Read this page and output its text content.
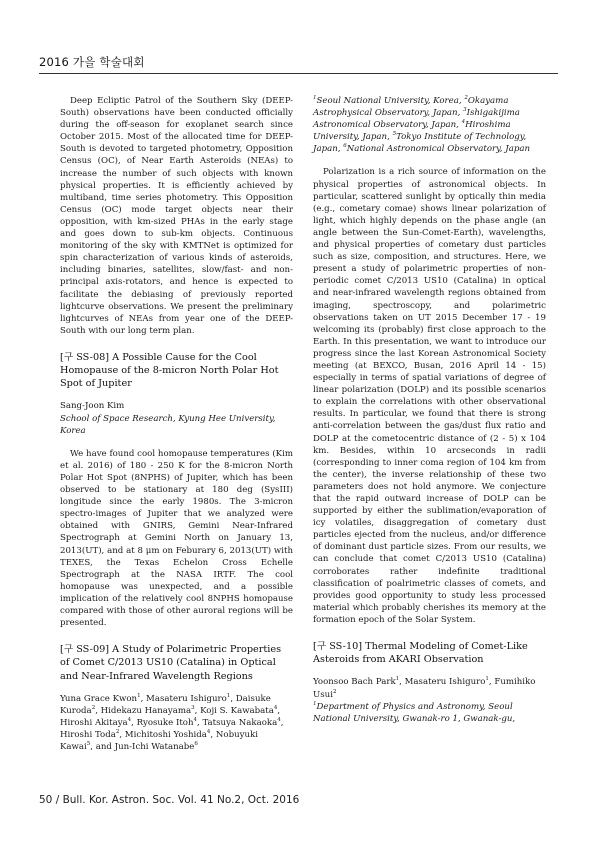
2016 가을 학술대회

Deep Ecliptic Patrol of the Southern Sky (DEEP-South) observations have been conducted officially during the off-season for exoplanet search since October 2015. Most of the allocated time for DEEP-South is devoted to targeted photometry, Opposition Census (OC), of Near Earth Asteroids (NEAs) to increase the number of such objects with known physical properties. It is efficiently achieved by multiband, time series photometry. This Opposition Census (OC) mode target objects near their opposition, with km-sized PHAs in the early stage and goes down to sub-km objects. Continuous monitoring of the sky with KMTNet is optimized for spin characterization of various kinds of asteroids, including binaries, satellites, slow/fast- and non-principal axis-rotators, and hence is expected to facilitate the debiasing of previously reported lightcurve observations. We present the preliminary lightcurves of NEAs from year one of the DEEP-South with our long term plan.

[구 SS-08] A Possible Cause for the Cool Homopause of the 8-micron North Polar Hot Spot of Jupiter

Sang-Joon Kim

School of Space Research, Kyung Hee University, Korea

We have found cool homopause temperatures (Kim et al. 2016) of 180 - 250 K for the 8-micron North Polar Hot Spot (8NPHS) of Jupiter, which has been observed to be stationary at 180 deg (SysIII) longitude since the early 1980s. The 3-micron spectro-images of Jupiter that we analyzed were obtained with GNIRS, Gemini Near-Infrared Spectrograph at Gemini North on January 13, 2013(UT), and at 8 μm on Feburary 6, 2013(UT) with TEXES, the Texas Echelon Cross Echelle Spectrograph at the NASA IRTF. The cool homopause was unexpected, and a possible implication of the relatively cool 8NPHS homopause compared with those of other auroral regions will be presented.

[구 SS-09] A Study of Polarimetric Properties of Comet C/2013 US10 (Catalina) in Optical and Near-Infrared Wavelength Regions

Yuna Grace Kwon$^1$, Masateru Ishiguro$^1$, Daisuke Kuroda$^2$, Hidekazu Hanayama$^3$, Koji S. Kawabata$^4$, Hiroshi Akitaya$^4$, Ryosuke Itoh$^4$, Tatsuya Nakaoka$^4$, Hiroshi Toda$^2$, Michitoshi Yoshida$^4$, Nobuyuki Kawai$^5$, and Jun-Ichi Watanabe$^6$

$^1$Seoul National University, Korea, $^2$Okayama Astrophysical Observatory, Japan, $^3$Ishigakijima Astronomical Observatory, Japan, $^4$Hiroshima University, Japan, $^5$Tokyo Institute of Technology, Japan, $^6$National Astronomical Observatory, Japan

Polarization is a rich source of information on the physical properties of astronomical objects. In particular, scattered sunlight by optically thin media (e.g., cometary comae) shows linear polarization of light, which highly depends on the phase angle (an angle between the Sun-Comet-Earth), wavelengths, and physical properties of cometary dust particles such as size, composition, and structures. Here, we present a study of polarimetric properties of non-periodic comet C/2013 US10 (Catalina) in optical and near-infrared wavelength regions obtained from imaging, spectroscopy, and polarimetric observations taken on UT 2015 December 17 - 19 welcoming its (probably) first close approach to the Earth. In this presentation, we want to introduce our progress since the last Korean Astronomical Society meeting (at BEXCO, Busan, 2016 April 14 - 15) especially in terms of spatial variations of degree of linear polarization (DOLP) and its possible scenarios to explain the correlations with other observational results. In particular, we found that there is strong anti-correlation between the gas/dust flux ratio and DOLP at the cometocentric distance of (2 - 5) x 104 km. Besides, within 10 arcseconds in radii (corresponding to inner coma region of 104 km from the center), the inverse relationship of these two parameters does not hold anymore. We conjecture that the rapid outward increase of DOLP can be supported by either the sublimation/evaporation of icy volatiles, disaggregation of cometary dust particles ejected from the nucleus, and/or difference of dominant dust particle sizes. From our results, we can conclude that comet C/2013 US10 (Catalina) corroborates rather indefinite traditional classification of poalrimetric classes of comets, and provides good opportunity to study less processed material which probably cherishes its memory at the formation epoch of the Solar System.

[구 SS-10] Thermal Modeling of Comet-Like Asteroids from AKARI Observation

Yoonsoo Bach Park$^1$, Masateru Ishiguro$^1$, Fumihiko Usui$^2$

$^1$Department of Physics and Astronomy, Seoul National University, Gwanak-ro 1, Gwanak-gu,

50 / Bull. Kor. Astron. Soc. Vol. 41 No.2, Oct. 2016
